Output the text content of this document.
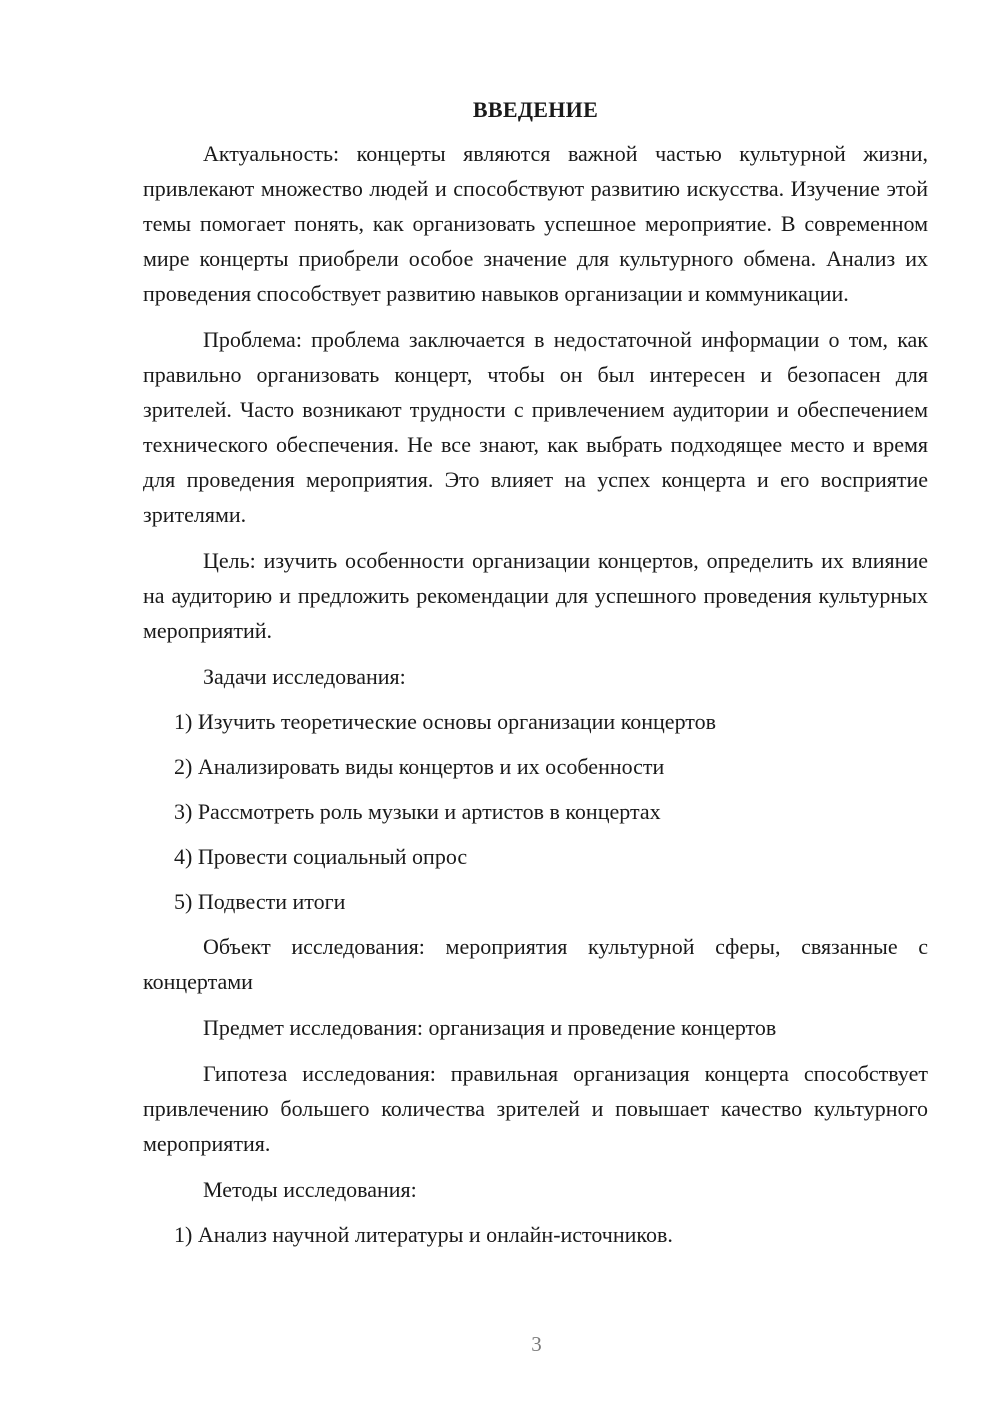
ВВЕДЕНИЕ

Актуальность: концерты являются важной частью культурной жизни, привлекают множество людей и способствуют развитию искусства. Изучение этой темы помогает понять, как организовать успешное мероприятие. В современном мире концерты приобрели особое значение для культурного обмена. Анализ их проведения способствует развитию навыков организации и коммуникации.

Проблема: проблема заключается в недостаточной информации о том, как правильно организовать концерт, чтобы он был интересен и безопасен для зрителей. Часто возникают трудности с привлечением аудитории и обеспечением технического обеспечения. Не все знают, как выбрать подходящее место и время для проведения мероприятия. Это влияет на успех концерта и его восприятие зрителями.

Цель: изучить особенности организации концертов, определить их влияние на аудиторию и предложить рекомендации для успешного проведения культурных мероприятий.

Задачи исследования:

1) Изучить теоретические основы организации концертов

2) Анализировать виды концертов и их особенности

3) Рассмотреть роль музыки и артистов в концертах

4) Провести социальный опрос

5) Подвести итоги

Объект исследования: мероприятия культурной сферы, связанные с концертами

Предмет исследования: организация и проведение концертов

Гипотеза исследования: правильная организация концерта способствует привлечению большего количества зрителей и повышает качество культурного мероприятия.

Методы исследования:

1) Анализ научной литературы и онлайн-источников.

3
